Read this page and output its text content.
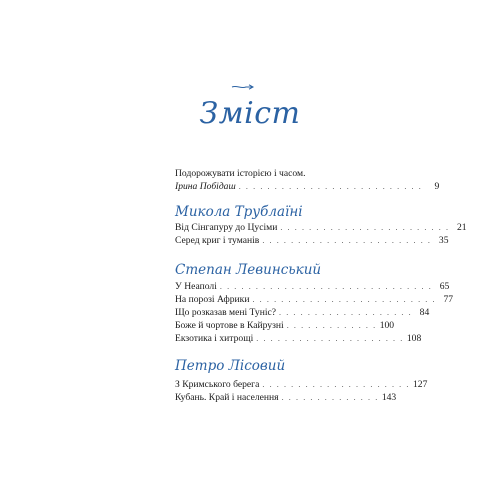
Зміст
Подорожувати історією і часом.
Ірина Побідаш . . . . . . . . . . . . . . . . . . . . . . . . . .	9
Від Сінгапуру до Цусіми . . . . . . . . . . . . . . . . . . . . . . . . 21
Серед криг і туманів . . . . . . . . . . . . . . . . . . . . . . . . 35
У Неаполі . . . . . . . . . . . . . . . . . . . . . . . . . . . . . . 65
На порозі Африки . . . . . . . . . . . . . . . . . . . . . . . . . . 77
Що розказав мені Туніс? . . . . . . . . . . . . . . . . . . . 84
Боже й чортове в Кайрузні . . . . . . . . . . . . . 100
Екзотика і хитрощі . . . . . . . . . . . . . . . . . . . . . 108
З Кримського берега . . . . . . . . . . . . . . . . . . . . . 127
Кубань. Край і населення . . . . . . . . . . . . . . 143
Микола Трублаїні
Степан Левинський
Петро Лісовий
